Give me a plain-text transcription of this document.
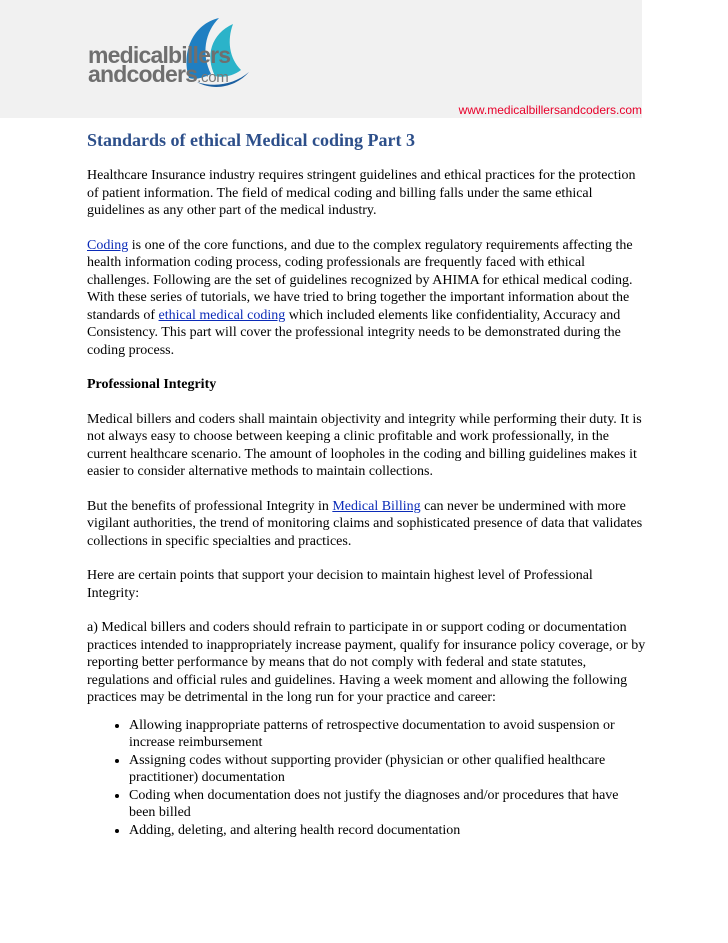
medicalbillers
andcoders.com
www.medicalbillersandcoders.com
Standards of ethical Medical coding Part 3

Healthcare Insurance industry requires stringent guidelines and ethical practices for the protection of patient information. The field of medical coding and billing falls under the same ethical guidelines as any other part of the medical industry.

Coding is one of the core functions, and due to the complex regulatory requirements affecting the health information coding process, coding professionals are frequently faced with ethical challenges. Following are the set of guidelines recognized by AHIMA for ethical medical coding. With these series of tutorials, we have tried to bring together the important information about the standards of ethical medical coding which included elements like confidentiality, Accuracy and Consistency. This part will cover the professional integrity needs to be demonstrated during the coding process.

Professional Integrity

Medical billers and coders shall maintain objectivity and integrity while performing their duty. It is not always easy to choose between keeping a clinic profitable and work professionally, in the current healthcare scenario. The amount of loopholes in the coding and billing guidelines makes it easier to consider alternative methods to maintain collections.

But the benefits of professional Integrity in Medical Billing can never be undermined with more vigilant authorities, the trend of monitoring claims and sophisticated presence of data that validates collections in specific specialties and practices.

Here are certain points that support your decision to maintain highest level of Professional Integrity:

a) Medical billers and coders should refrain to participate in or support coding or documentation practices intended to inappropriately increase payment, qualify for insurance policy coverage, or by reporting better performance by means that do not comply with federal and state statutes, regulations and official rules and guidelines. Having a week moment and allowing the following practices may be detrimental in the long run for your practice and career:

• Allowing inappropriate patterns of retrospective documentation to avoid suspension or increase reimbursement
• Assigning codes without supporting provider (physician or other qualified healthcare practitioner) documentation
• Coding when documentation does not justify the diagnoses and/or procedures that have been billed
• Adding, deleting, and altering health record documentation
